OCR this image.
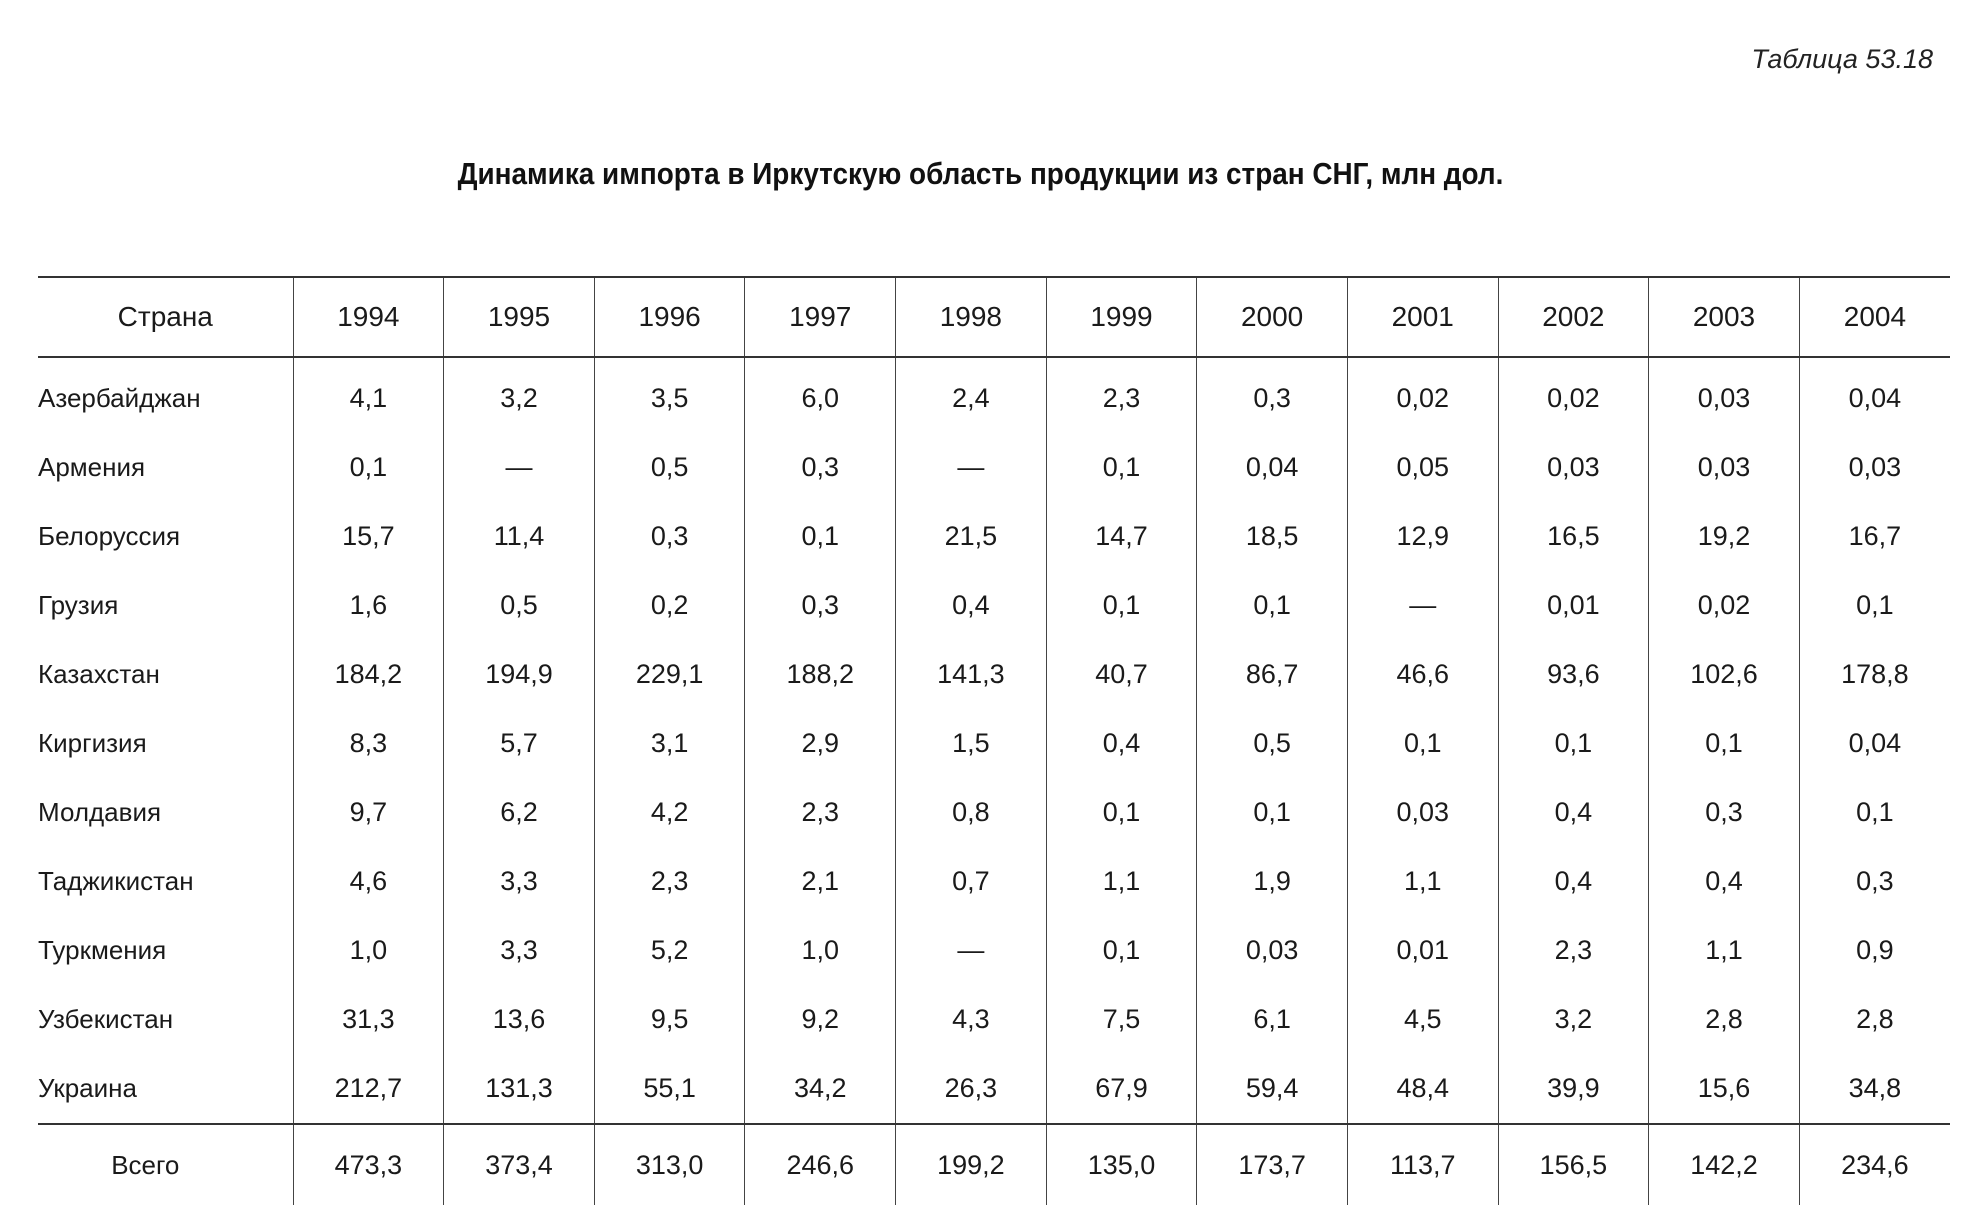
Таблица 53.18
Динамика импорта в Иркутскую область продукции из стран СНГ, млн дол.
Страна	1994	1995	1996	1997	1998	1999	2000	2001	2002	2003	2004
Азербайджан	4,1	3,2	3,5	6,0	2,4	2,3	0,3	0,02	0,02	0,03	0,04
Армения	0,1	—	0,5	0,3	—	0,1	0,04	0,05	0,03	0,03	0,03
Белоруссия	15,7	11,4	0,3	0,1	21,5	14,7	18,5	12,9	16,5	19,2	16,7
Грузия	1,6	0,5	0,2	0,3	0,4	0,1	0,1	—	0,01	0,02	0,1
Казахстан	184,2	194,9	229,1	188,2	141,3	40,7	86,7	46,6	93,6	102,6	178,8
Киргизия	8,3	5,7	3,1	2,9	1,5	0,4	0,5	0,1	0,1	0,1	0,04
Молдавия	9,7	6,2	4,2	2,3	0,8	0,1	0,1	0,03	0,4	0,3	0,1
Таджикистан	4,6	3,3	2,3	2,1	0,7	1,1	1,9	1,1	0,4	0,4	0,3
Туркмения	1,0	3,3	5,2	1,0	—	0,1	0,03	0,01	2,3	1,1	0,9
Узбекистан	31,3	13,6	9,5	9,2	4,3	7,5	6,1	4,5	3,2	2,8	2,8
Украина	212,7	131,3	55,1	34,2	26,3	67,9	59,4	48,4	39,9	15,6	34,8
Всего	473,3	373,4	313,0	246,6	199,2	135,0	173,7	113,7	156,5	142,2	234,6
